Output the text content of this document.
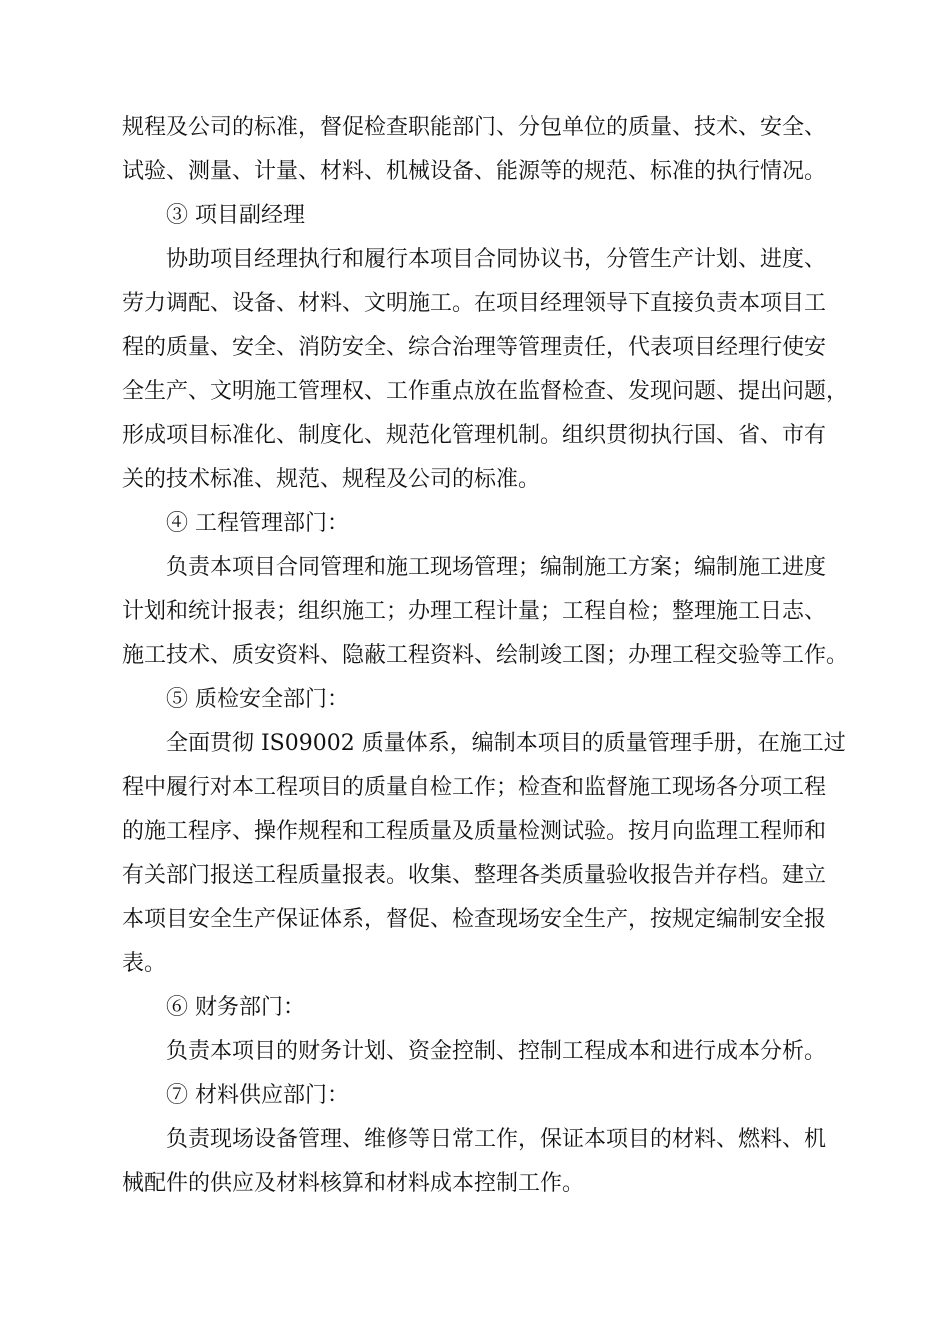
规程及公司的标准，督促检查职能部门、分包单位的质量、技术、安全、
试验、测量、计量、材料、机械设备、能源等的规范、标准的执行情况。
③ 项目副经理
协助项目经理执行和履行本项目合同协议书，分管生产计划、进度、
劳力调配、设备、材料、文明施工。在项目经理领导下直接负责本项目工
程的质量、安全、消防安全、综合治理等管理责任，代表项目经理行使安
全生产、文明施工管理权、工作重点放在监督检查、发现问题、提出问题，
形成项目标准化、制度化、规范化管理机制。组织贯彻执行国、省、市有
关的技术标准、规范、规程及公司的标准。
④ 工程管理部门：
负责本项目合同管理和施工现场管理；编制施工方案；编制施工进度
计划和统计报表；组织施工；办理工程计量；工程自检；整理施工日志、
施工技术、质安资料、隐蔽工程资料、绘制竣工图；办理工程交验等工作。
⑤ 质检安全部门：
全面贯彻 IS09002 质量体系，编制本项目的质量管理手册，在施工过
程中履行对本工程项目的质量自检工作；检查和监督施工现场各分项工程
的施工程序、操作规程和工程质量及质量检测试验。按月向监理工程师和
有关部门报送工程质量报表。收集、整理各类质量验收报告并存档。建立
本项目安全生产保证体系，督促、检查现场安全生产，按规定编制安全报
表。
⑥ 财务部门：
负责本项目的财务计划、资金控制、控制工程成本和进行成本分析。
⑦ 材料供应部门：
负责现场设备管理、维修等日常工作，保证本项目的材料、燃料、机
械配件的供应及材料核算和材料成本控制工作。
